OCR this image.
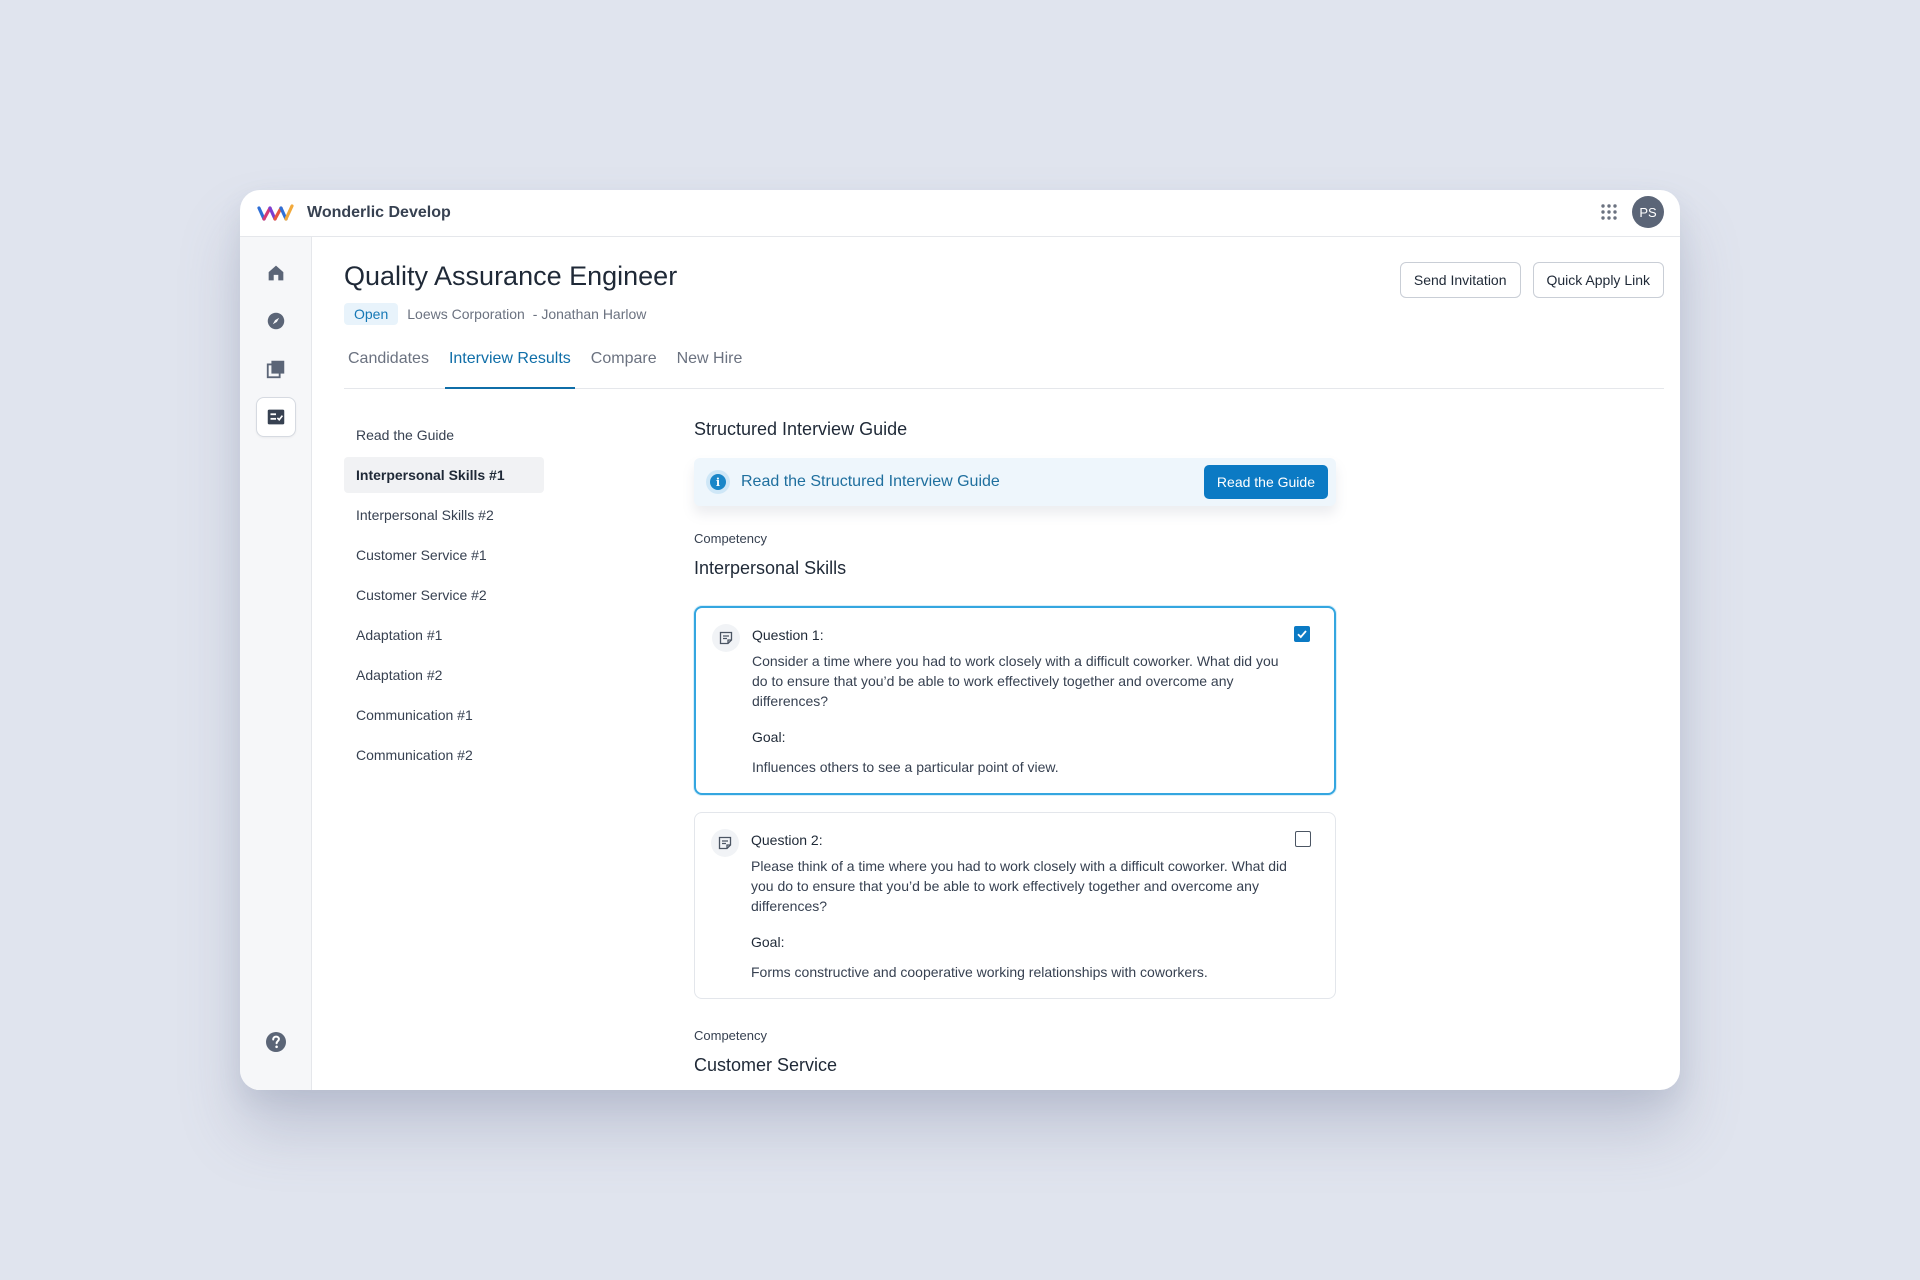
Wonderlic Develop	PS
Quality Assurance Engineer
Open	Loews Corporation - Jonathan Harlow
Send Invitation	Quick Apply Link
Candidates Interview Results Compare New Hire
Read the Guide
Interpersonal Skills #1
Interpersonal Skills #2
Customer Service #1
Customer Service #2
Adaptation #1
Adaptation #2
Communication #1
Communication #2
Structured Interview Guide
i	Read the Structured Interview Guide	Read the Guide
Competency
Interpersonal Skills
Question 1:
Consider a time where you had to work closely with a difficult coworker. What did you do to ensure that you’d be able to work effectively together and overcome any differences?
Goal:
Influences others to see a particular point of view.
Question 2:
Please think of a time where you had to work closely with a difficult coworker. What did you do to ensure that you’d be able to work effectively together and overcome any differences?
Goal:
Forms constructive and cooperative working relationships with coworkers.
Competency
Customer Service
